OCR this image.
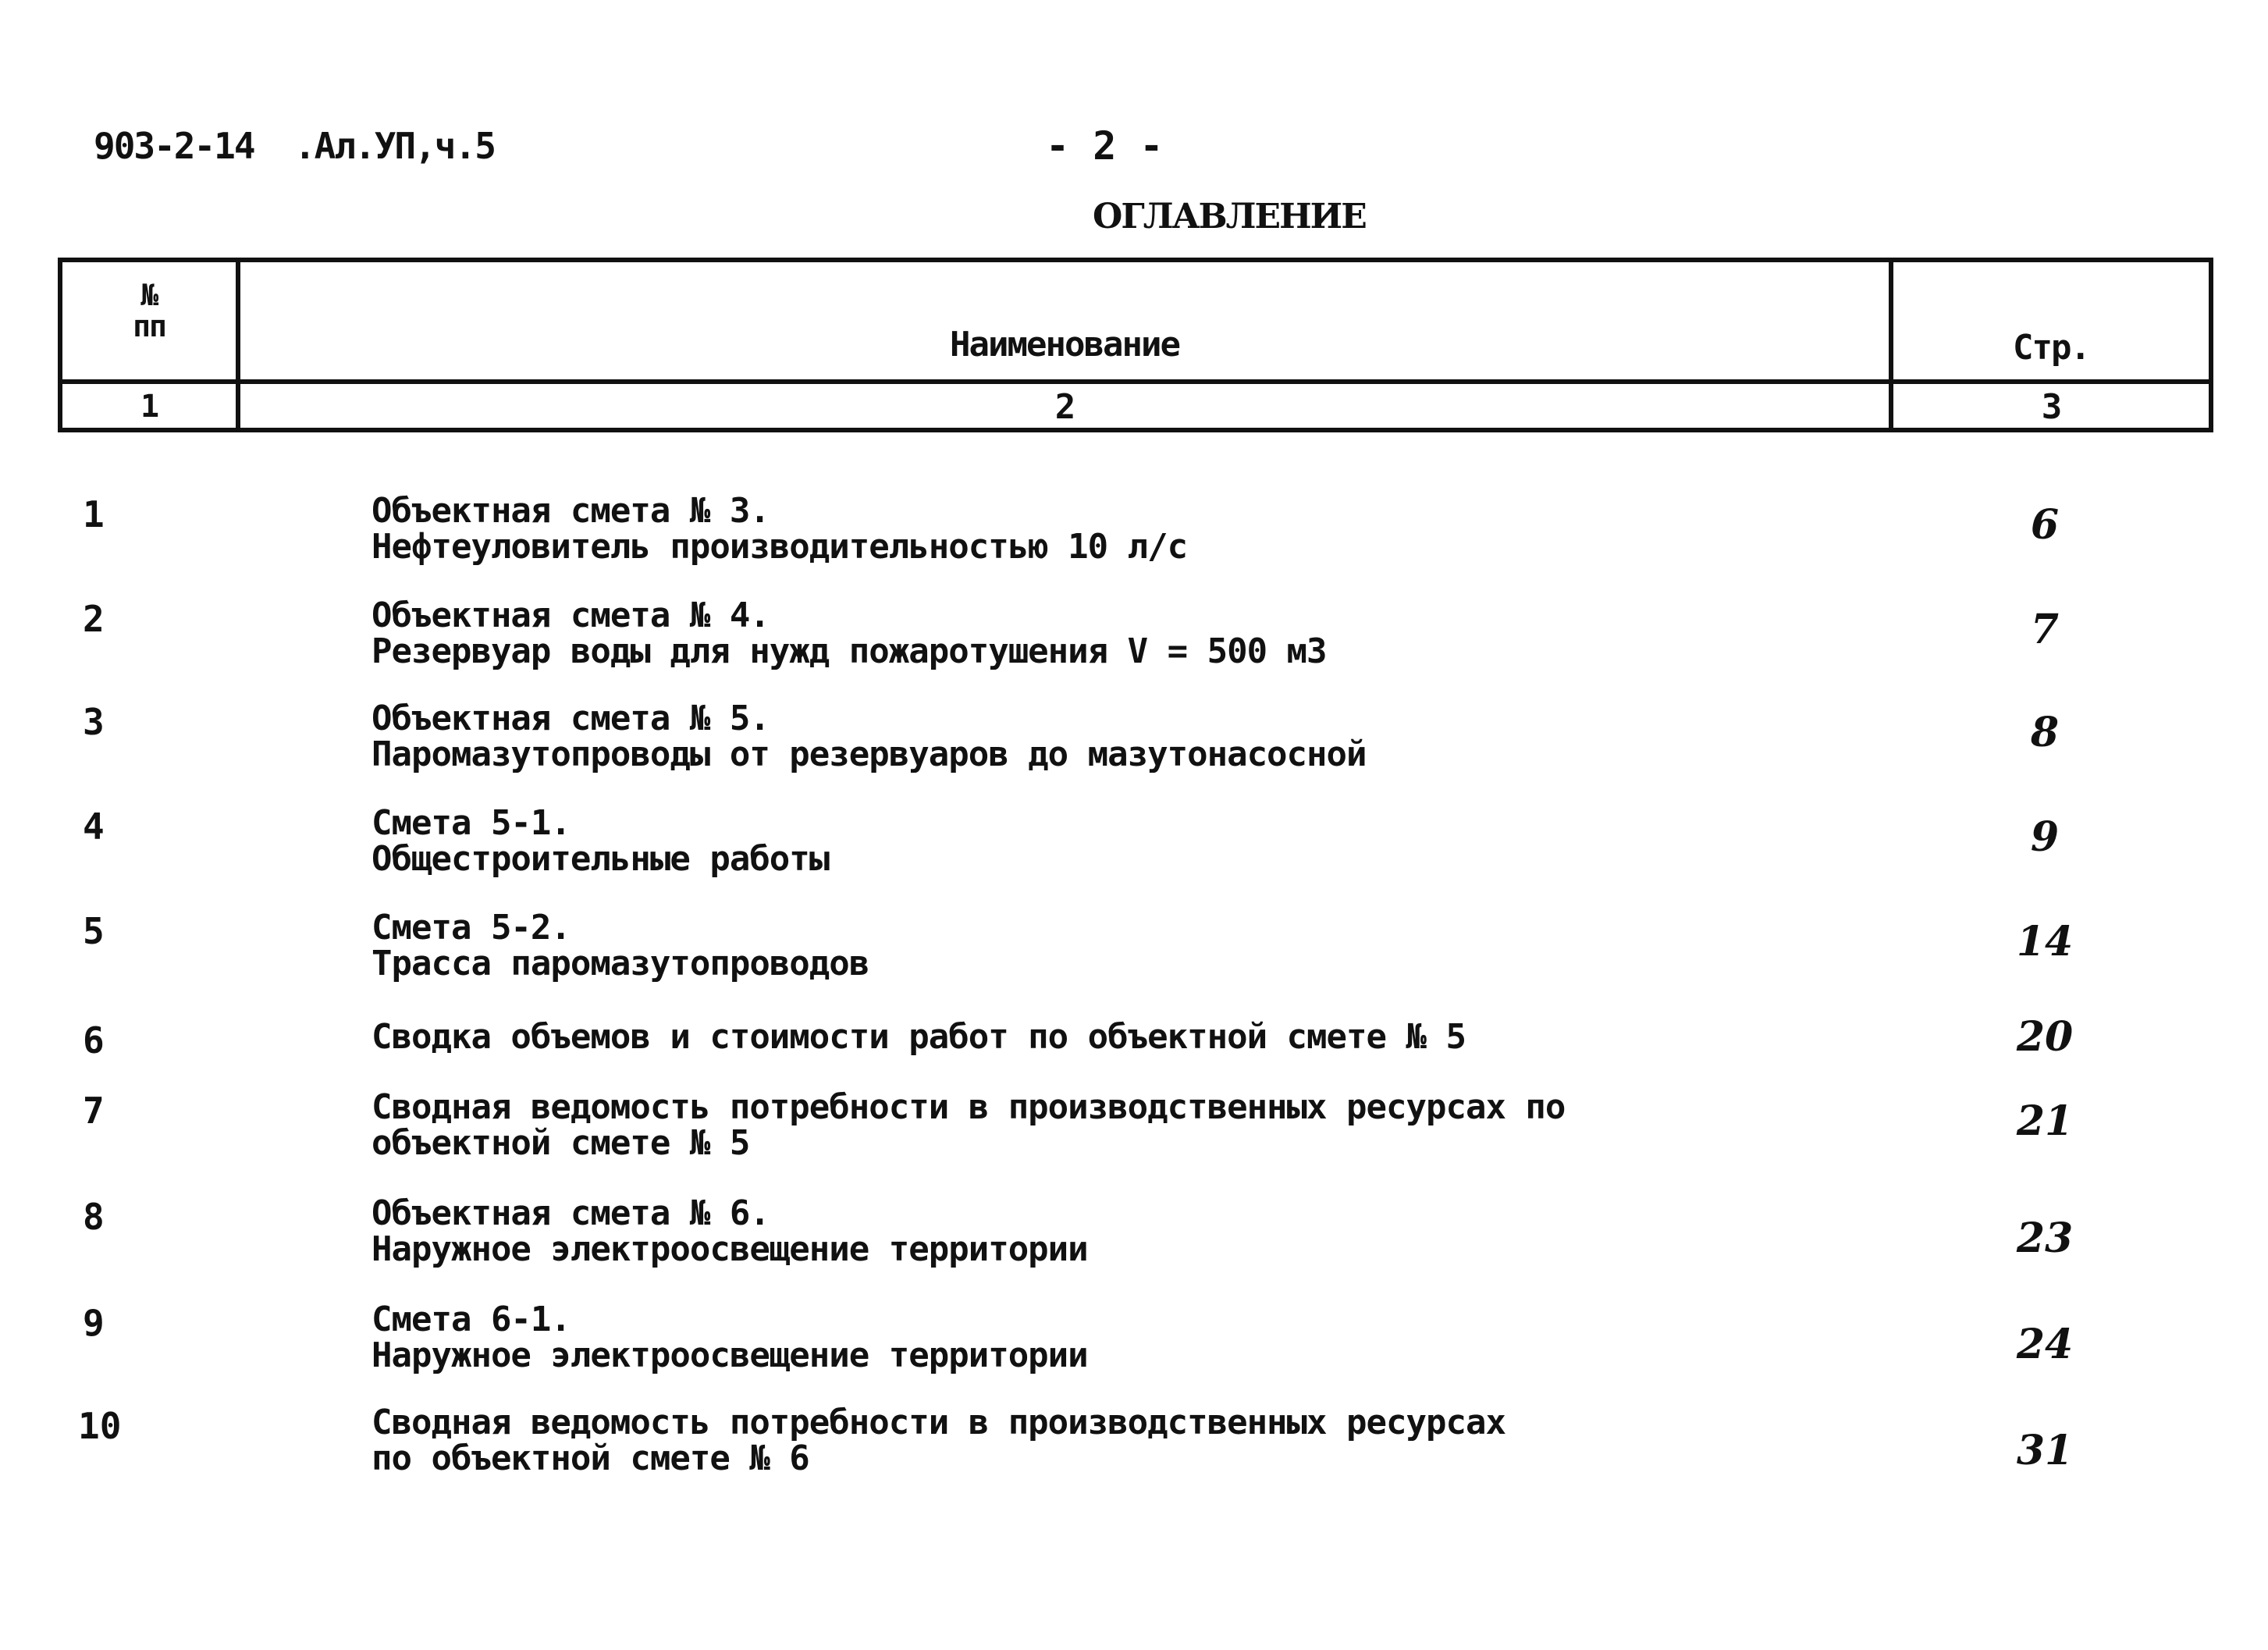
903-2-14  .Ал.УП,ч.5	- 2 -
ОГЛАВЛЕНИЕ
№
пп	Наименование	Стр.
1	2	3
1	Объектная смета № 3.
Нефтеуловитель производительностью 10 л/с	6
2	Объектная смета № 4.
Резервуар воды для нужд пожаротушения V = 500 м3	7
3	Объектная смета № 5.
Паромазутопроводы от резервуаров до мазутонасосной	8
4	Смета 5-1.
Общестроительные работы	9
5	Смета 5-2.
Трасса паромазутопроводов	14
6	Сводка объемов и стоимости работ по объектной смете № 5	20
7	Сводная ведомость потребности в производственных ресурсах по
объектной смете № 5	21
8	Объектная смета № 6.
Наружное электроосвещение территории	23
9	Смета 6-1.
Наружное электроосвещение территории	24
10	Сводная ведомость потребности в производственных ресурсах
по объектной смете № 6	31
